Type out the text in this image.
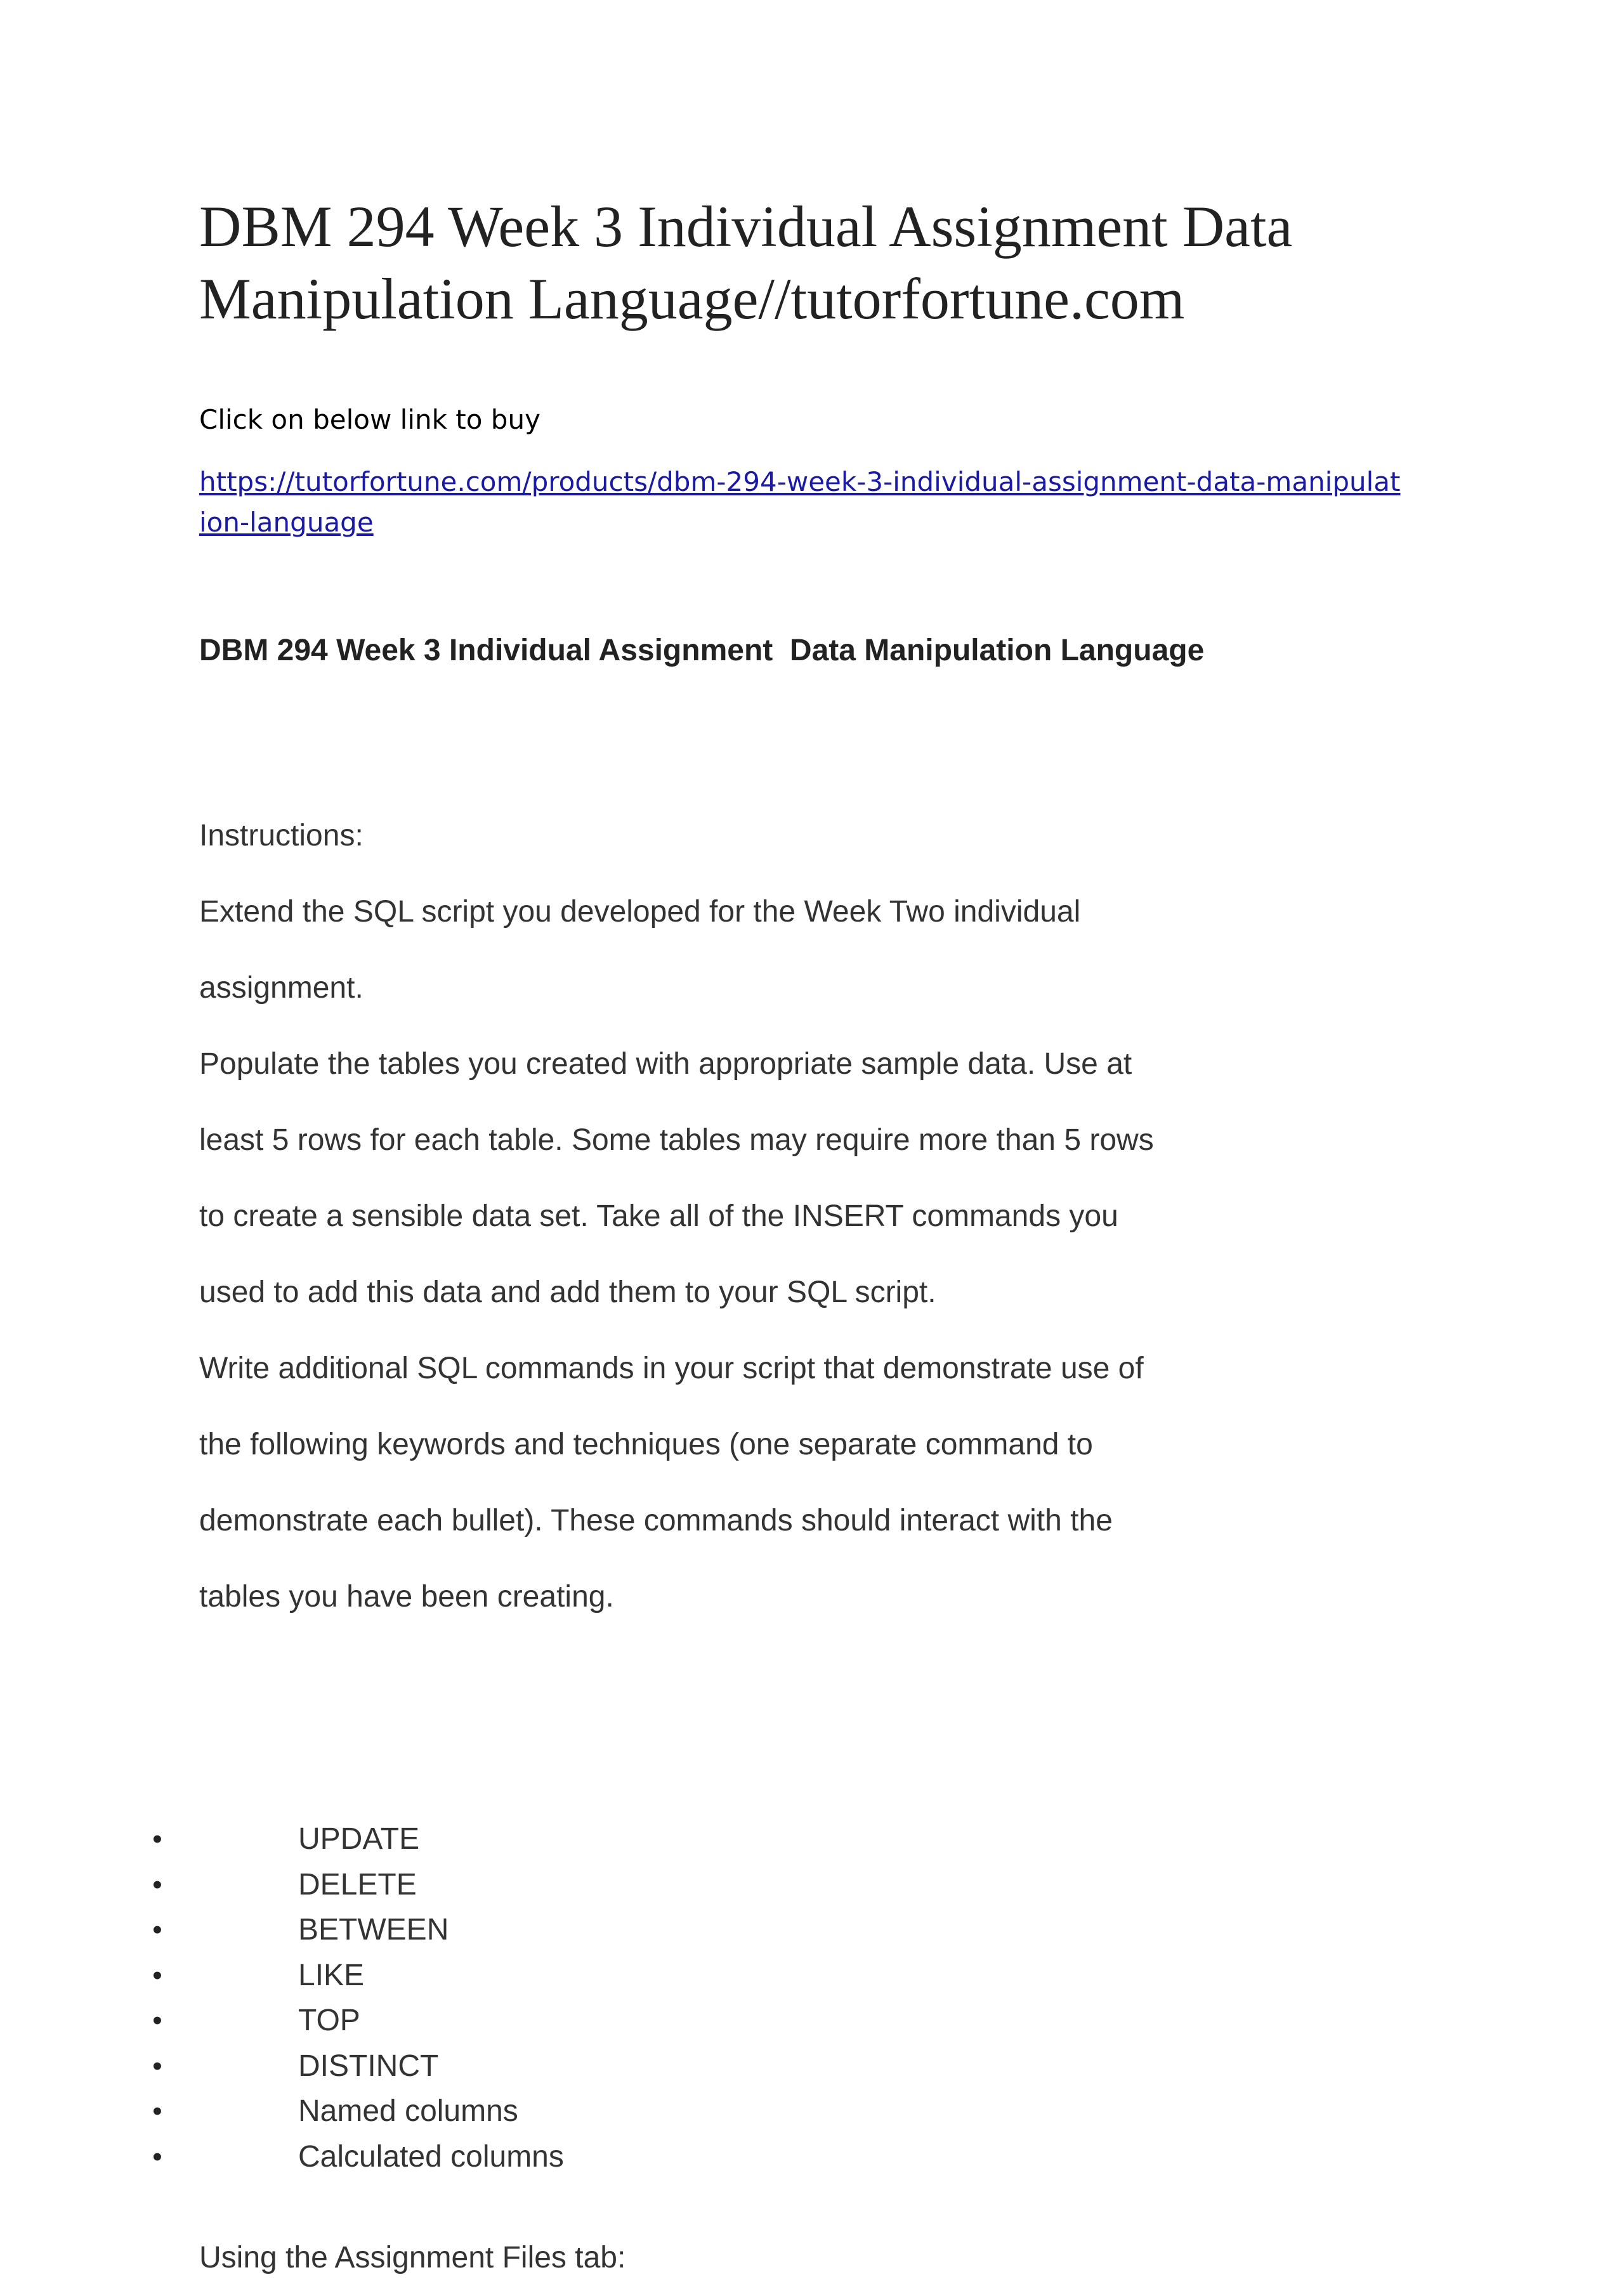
DBM 294 Week 3 Individual Assignment Data
Manipulation Language//tutorfortune.com

Click on below link to buy

https://tutorfortune.com/products/dbm-294-week-3-individual-assignment-data-manipulation-language
DBM 294 Week 3 Individual Assignment  Data Manipulation Language

Instructions:

Extend the SQL script you developed for the Week Two individual
assignment.
Populate the tables you created with appropriate sample data. Use at
least 5 rows for each table. Some tables may require more than 5 rows
to create a sensible data set. Take all of the INSERT commands you
used to add this data and add them to your SQL script.
Write additional SQL commands in your script that demonstrate use of
the following keywords and techniques (one separate command to
demonstrate each bullet). These commands should interact with the
tables you have been creating.
•	UPDATE
•	DELETE
•	BETWEEN
•	LIKE
•	TOP
•	DISTINCT
•	Named columns
•	Calculated columns

Using the Assignment Files tab:
